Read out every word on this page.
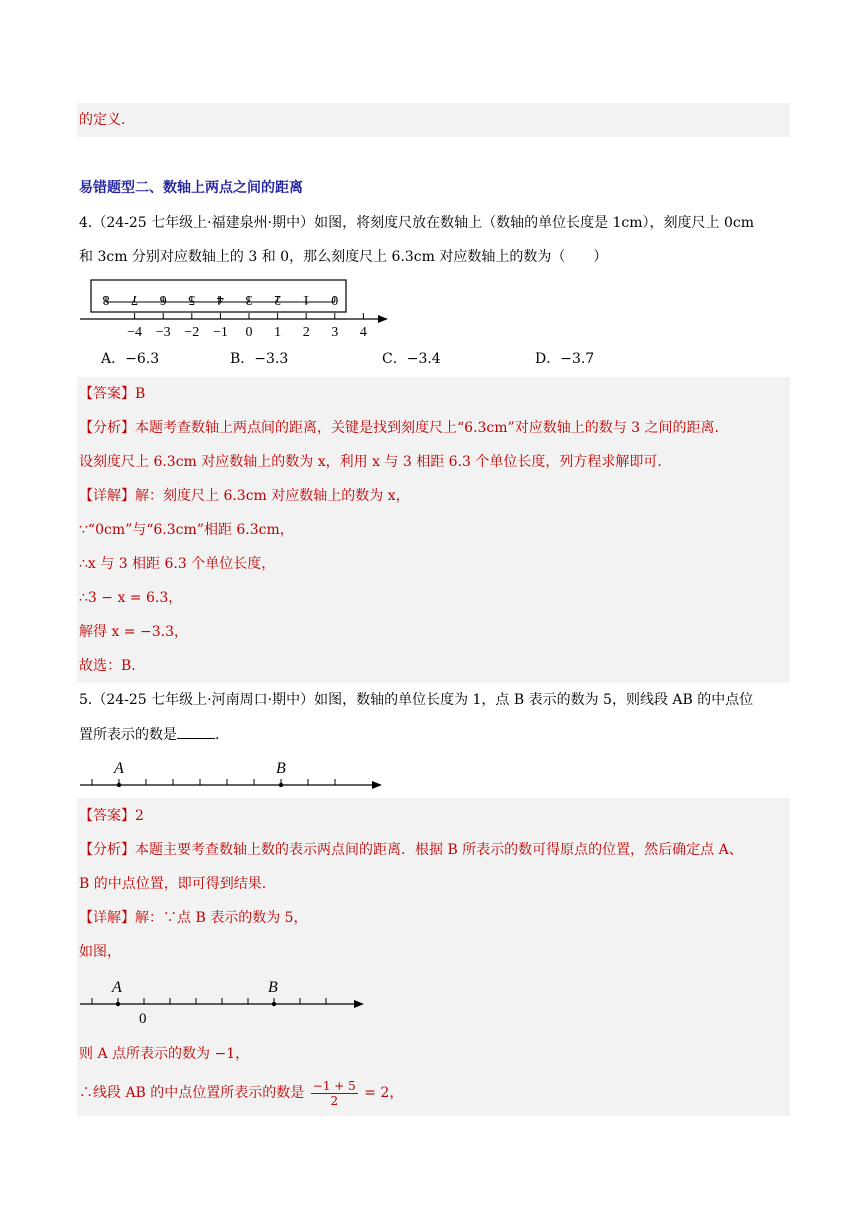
的定义.
易错题型二、数轴上两点之间的距离
4.（24-25 七年级上·福建泉州·期中）如图，将刻度尺放在数轴上（数轴的单位长度是 1cm），刻度尺上 0cm
和 3cm 分别对应数轴上的 3 和 0，那么刻度尺上 6.3cm 对应数轴上的数为（　　）
8 7 6 5 4 3 2 1 0
−4 −3 −2 −1 0 1 2 3 4
A．−6.3	B．−3.3	C．−3.4	D．−3.7
【答案】B
【分析】本题考查数轴上两点间的距离，关键是找到刻度尺上“6.3cm”对应数轴上的数与 3 之间的距离.
设刻度尺上 6.3cm 对应数轴上的数为 x，利用 x 与 3 相距 6.3 个单位长度，列方程求解即可.
【详解】解：刻度尺上 6.3cm 对应数轴上的数为 x，
∵“0cm”与“6.3cm”相距 6.3cm，
∴x 与 3 相距 6.3 个单位长度，
∴3 − x = 6.3，
解得 x = −3.3，
故选：B.
5.（24-25 七年级上·河南周口·期中）如图，数轴的单位长度为 1，点 B 表示的数为 5，则线段 AB 的中点位
置所表示的数是	.
A	B
【答案】2
【分析】本题主要考查数轴上数的表示两点间的距离．根据 B 所表示的数可得原点的位置，然后确定点 A、
B 的中点位置，即可得到结果.
【详解】解：∵点 B 表示的数为 5，
如图，
A	B
0
则 A 点所表示的数为 −1，
∴线段 AB 的中点位置所表示的数是 $\frac{-1 + 5}{2} = 2$，
